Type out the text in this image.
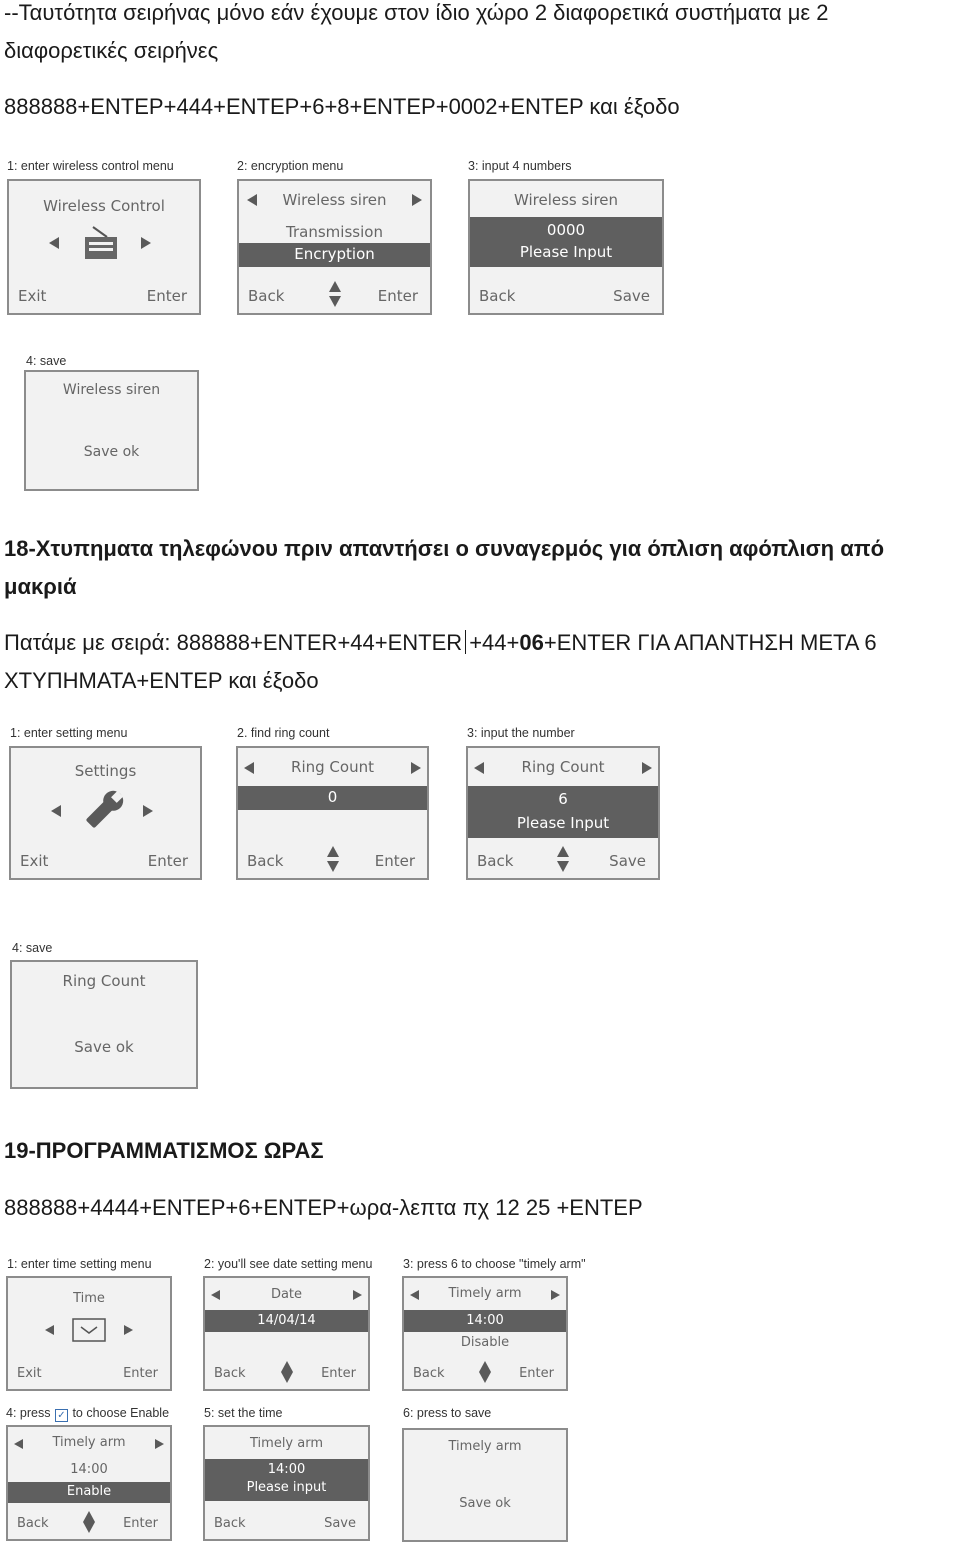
--Ταυτότητα σειρήνας μόνο εάν έχουμε στον ίδιο χώρο 2 διαφορετικά συστήματα με 2
διαφορετικές σειρήνες
888888+ΕΝΤΕΡ+444+ΕΝΤΕΡ+6+8+ΕΝΤΕΡ+0002+ΕΝΤΕΡ και έξοδο
1: enter wireless control menu
Wireless Control
Exit	Enter
2: encryption menu
Wireless siren
Transmission
Encryption
Back	Enter
3: input 4 numbers
Wireless siren
0000
Please Input
Back	Save
4: save
Wireless siren
Save ok
18-Χτυπηματα τηλεφώνου πριν απαντήσει ο συναγερμός για όπλιση αφόπλιση από
μακριά
Πατάμε με σειρά: 888888+ENTER+44+ENTER +44+06+ENTER ΓΙΑ ΑΠΑΝΤΗΣΗ ΜΕΤΑ 6
ΧΤΥΠΗΜΑΤΑ+ΕΝΤΕΡ και έξοδο
1: enter setting menu
Settings
Exit	Enter
2. find ring count
Ring Count
0
Back	Enter
3: input the number
Ring Count
6
Please Input
Back	Save
4: save
Ring Count
Save ok
19-ΠΡΟΓΡΑΜΜΑΤΙΣΜΟΣ ΩΡΑΣ
888888+4444+ΕΝΤΕΡ+6+ΕΝΤΕΡ+ωρα-λεπτα πχ 12 25 +ΕΝΤΕΡ
1: enter time setting menu
Time
Exit	Enter
2: you'll see date setting menu
Date
14/04/14
Back	Enter
3: press 6 to choose "timely arm"
Timely arm
14:00
Disable
Back	Enter
4: press ✓ to choose Enable
Timely arm
14:00
Enable
Back	Enter
5: set the time
Timely arm
14:00
Please input
Back	Save
6: press to save
Timely arm
Save ok
